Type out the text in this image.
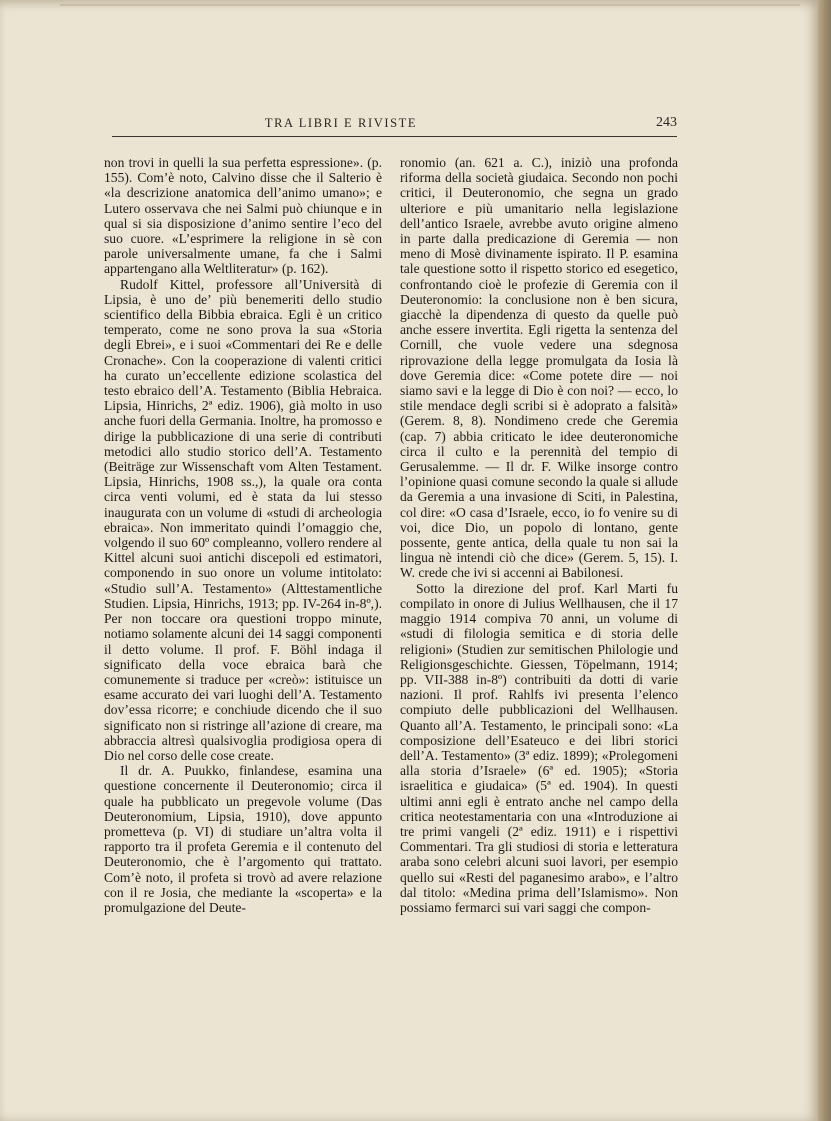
TRA LIBRI E RIVISTE	243

non trovi in quelli la sua perfetta espressione». (p. 155). Com’è noto, Calvino disse che il Salterio è «la descrizione anatomica dell’animo umano»; e Lutero osservava che nei Salmi può chiunque e in qual si sia disposizione d’animo sentire l’eco del suo cuore. «L’esprimere la religione in sè con parole universalmente umane, fa che i Salmi appartengano alla Weltliteratur» (p. 162).

Rudolf Kittel, professore all’Università di Lipsia, è uno de’ più benemeriti dello studio scientifico della Bibbia ebraica. Egli è un critico temperato, come ne sono prova la sua «Storia degli Ebrei», e i suoi «Commentari dei Re e delle Cronache». Con la cooperazione di valenti critici ha curato un’eccellente edizione scolastica del testo ebraico dell’A. Testamento (Biblia Hebraica. Lipsia, Hinrichs, 2ª ediz. 1906), già molto in uso anche fuori della Germania. Inoltre, ha promosso e dirige la pubblicazione di una serie di contributi metodici allo studio storico dell’A. Testamento (Beiträge zur Wissenschaft vom Alten Testament. Lipsia, Hinrichs, 1908 ss.,), la quale ora conta circa venti volumi, ed è stata da lui stesso inaugurata con un volume di «studi di archeologia ebraica». Non immeritato quindi l’omaggio che, volgendo il suo 60º compleanno, vollero rendere al Kittel alcuni suoi antichi discepoli ed estimatori, componendo in suo onore un volume intitolato: «Studio sull’A. Testamento» (Alttestamentliche Studien. Lipsia, Hinrichs, 1913; pp. IV-264 in-8º,). Per non toccare ora questioni troppo minute, notiamo solamente alcuni dei 14 saggi componenti il detto volume. Il prof. F. Böhl indaga il significato della voce ebraica barà che comunemente si traduce per «creò»: istituisce un esame accurato dei vari luoghi dell’A. Testamento dov’essa ricorre; e conchiude dicendo che il suo significato non si ristringe all’azione di creare, ma abbraccia altresì qualsivoglia prodigiosa opera di Dio nel corso delle cose create.

Il dr. A. Puukko, finlandese, esamina una questione concernente il Deuteronomio; circa il quale ha pubblicato un pregevole volume (Das Deuteronomium, Lipsia, 1910), dove appunto prometteva (p. VI) di studiare un’altra volta il rapporto tra il profeta Geremia e il contenuto del Deuteronomio, che è l’argomento qui trattato. Com’è noto, il profeta si trovò ad avere relazione con il re Josia, che mediante la «scoperta» e la promulgazione del Deute-

ronomio (an. 621 a. C.), iniziò una profonda riforma della società giudaica. Secondo non pochi critici, il Deuteronomio, che segna un grado ulteriore e più umanitario nella legislazione dell’antico Israele, avrebbe avuto origine almeno in parte dalla predicazione di Geremia — non meno di Mosè divinamente ispirato. Il P. esamina tale questione sotto il rispetto storico ed esegetico, confrontando cioè le profezie di Geremia con il Deuteronomio: la conclusione non è ben sicura, giacchè la dipendenza di questo da quelle può anche essere invertita. Egli rigetta la sentenza del Cornill, che vuole vedere una sdegnosa riprovazione della legge promulgata da Iosia là dove Geremia dice: «Come potete dire — noi siamo savi e la legge di Dio è con noi? — ecco, lo stile mendace degli scribi si è adoprato a falsità» (Gerem. 8, 8). Nondimeno crede che Geremia (cap. 7) abbia criticato le idee deuteronomiche circa il culto e la perennità del tempio di Gerusalemme. — Il dr. F. Wilke insorge contro l’opinione quasi comune secondo la quale si allude da Geremia a una invasione di Sciti, in Palestina, col dire: «O casa d’Israele, ecco, io fo venire su di voi, dice Dio, un popolo di lontano, gente possente, gente antica, della quale tu non sai la lingua nè intendi ciò che dice» (Gerem. 5, 15). I. W. crede che ivi si accenni ai Babilonesi.

Sotto la direzione del prof. Karl Marti fu compilato in onore di Julius Wellhausen, che il 17 maggio 1914 compiva 70 anni, un volume di «studi di filologia semitica e di storia delle religioni» (Studien zur semitischen Philologie und Religionsgeschichte. Giessen, Töpelmann, 1914; pp. VII-388 in-8º) contribuiti da dotti di varie nazioni. Il prof. Rahlfs ivi presenta l’elenco compiuto delle pubblicazioni del Wellhausen. Quanto all’A. Testamento, le principali sono: «La composizione dell’Esateuco e dei libri storici dell’A. Testamento» (3ª ediz. 1899); «Prolegomeni alla storia d’Israele» (6ª ed. 1905); «Storia israelitica e giudaica» (5ª ed. 1904). In questi ultimi anni egli è entrato anche nel campo della critica neotestamentaria con una «Introduzione ai tre primi vangeli (2ª ediz. 1911) e i rispettivi Commentari. Tra gli studiosi di storia e letteratura araba sono celebri alcuni suoi lavori, per esempio quello sui «Resti del paganesimo arabo», e l’altro dal titolo: «Medina prima dell’Islamismo». Non possiamo fermarci sui vari saggi che compon-
